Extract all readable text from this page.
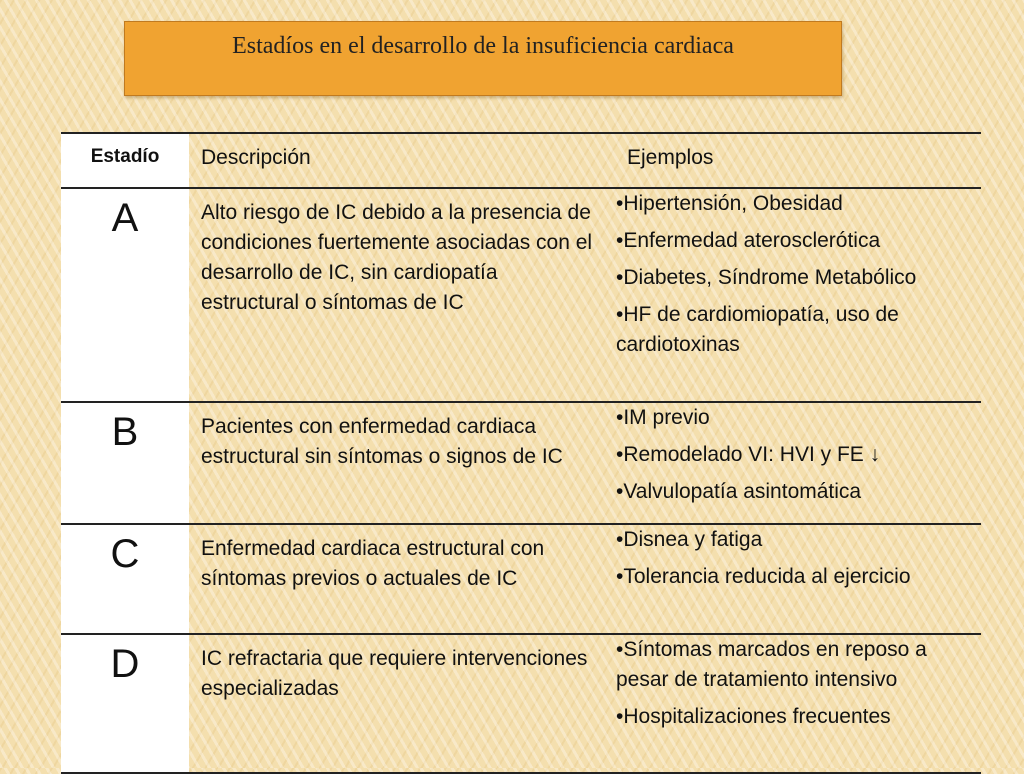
Estadíos en el desarrollo de la insuficiencia cardiaca
Estadío	Descripción	Ejemplos

A	Alto riesgo de IC debido a la presencia de condiciones fuertemente asociadas con el desarrollo de IC, sin cardiopatía estructural o síntomas de IC	•Hipertensión, Obesidad
•Enfermedad aterosclerótica
•Diabetes, Síndrome Metabólico
•HF de cardiomiopatía, uso de cardiotoxinas

B	Pacientes con enfermedad cardiaca estructural sin síntomas o signos de IC	•IM previo
•Remodelado VI: HVI y FE ↓
•Valvulopatía asintomática

C	Enfermedad cardiaca estructural con síntomas previos o actuales de IC	•Disnea y fatiga
•Tolerancia reducida al ejercicio

D	IC refractaria que requiere intervenciones especializadas	•Síntomas marcados en reposo a pesar de tratamiento intensivo
•Hospitalizaciones frecuentes
